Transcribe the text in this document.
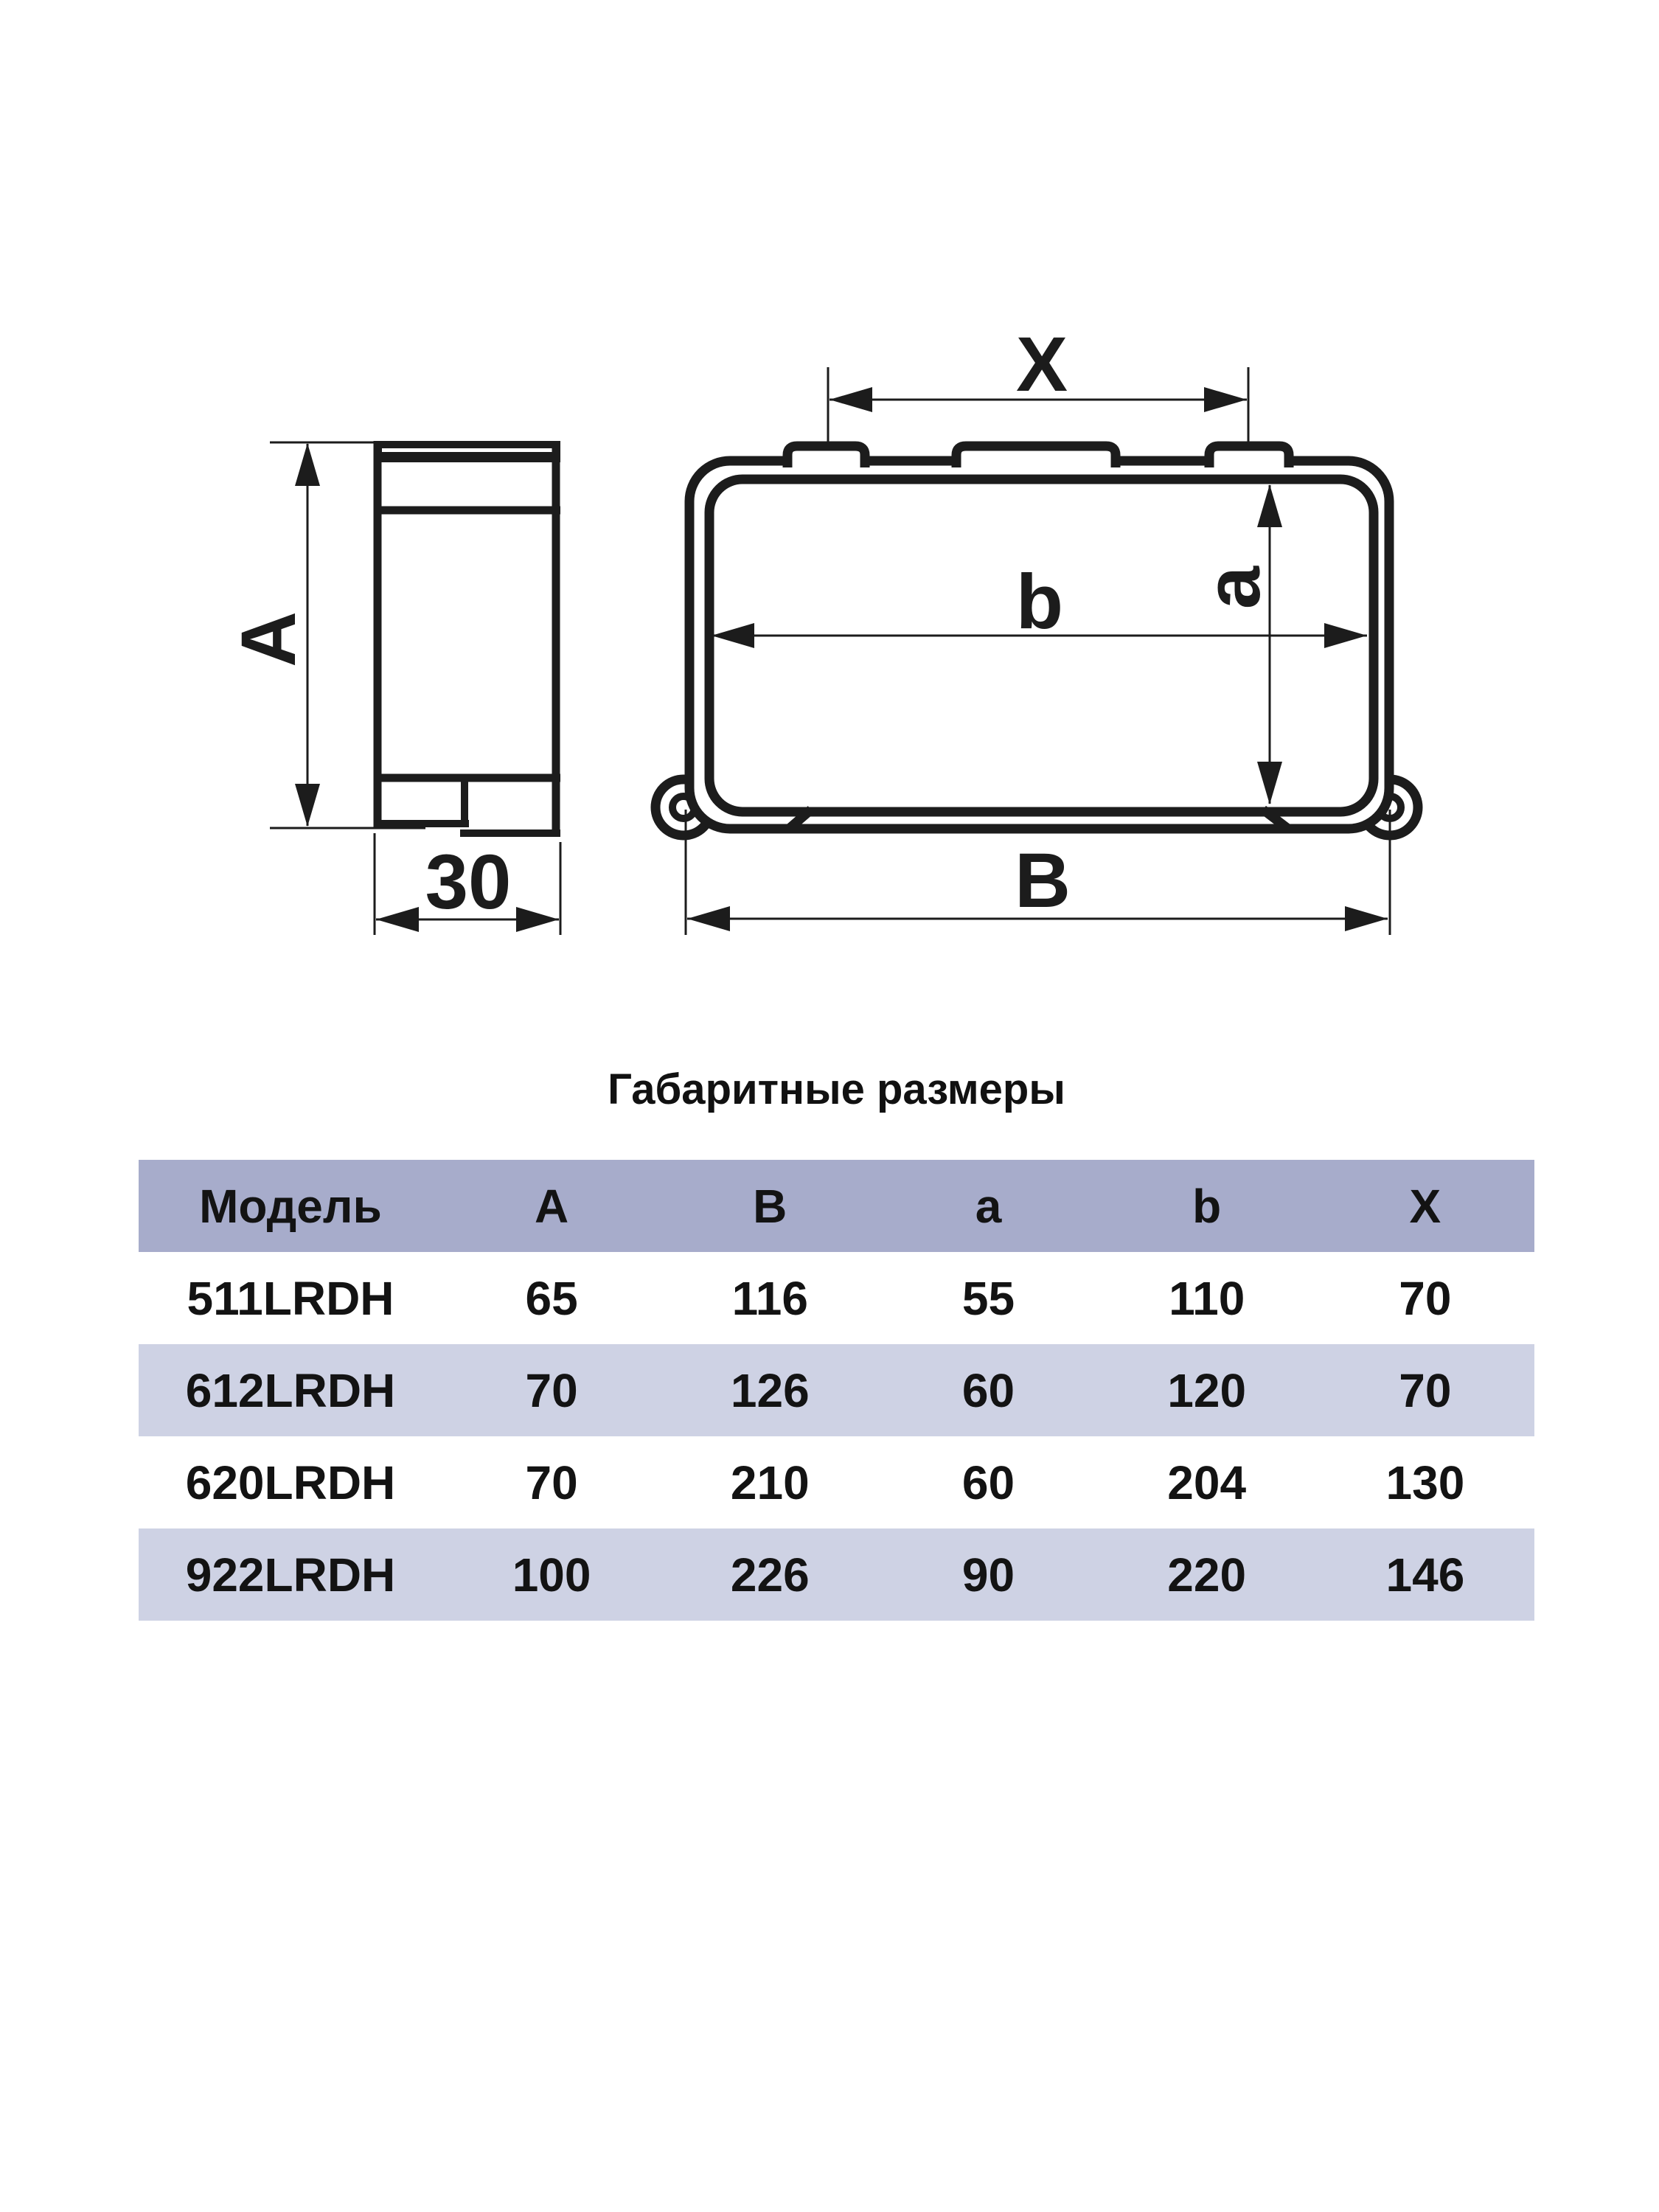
A
30
X
b a
B
Габаритные размеры
Модель	A	B	a	b	X
511LRDH	65	116	55	110	70
612LRDH	70	126	60	120	70
620LRDH	70	210	60	204	130
922LRDH	100	226	90	220	146
